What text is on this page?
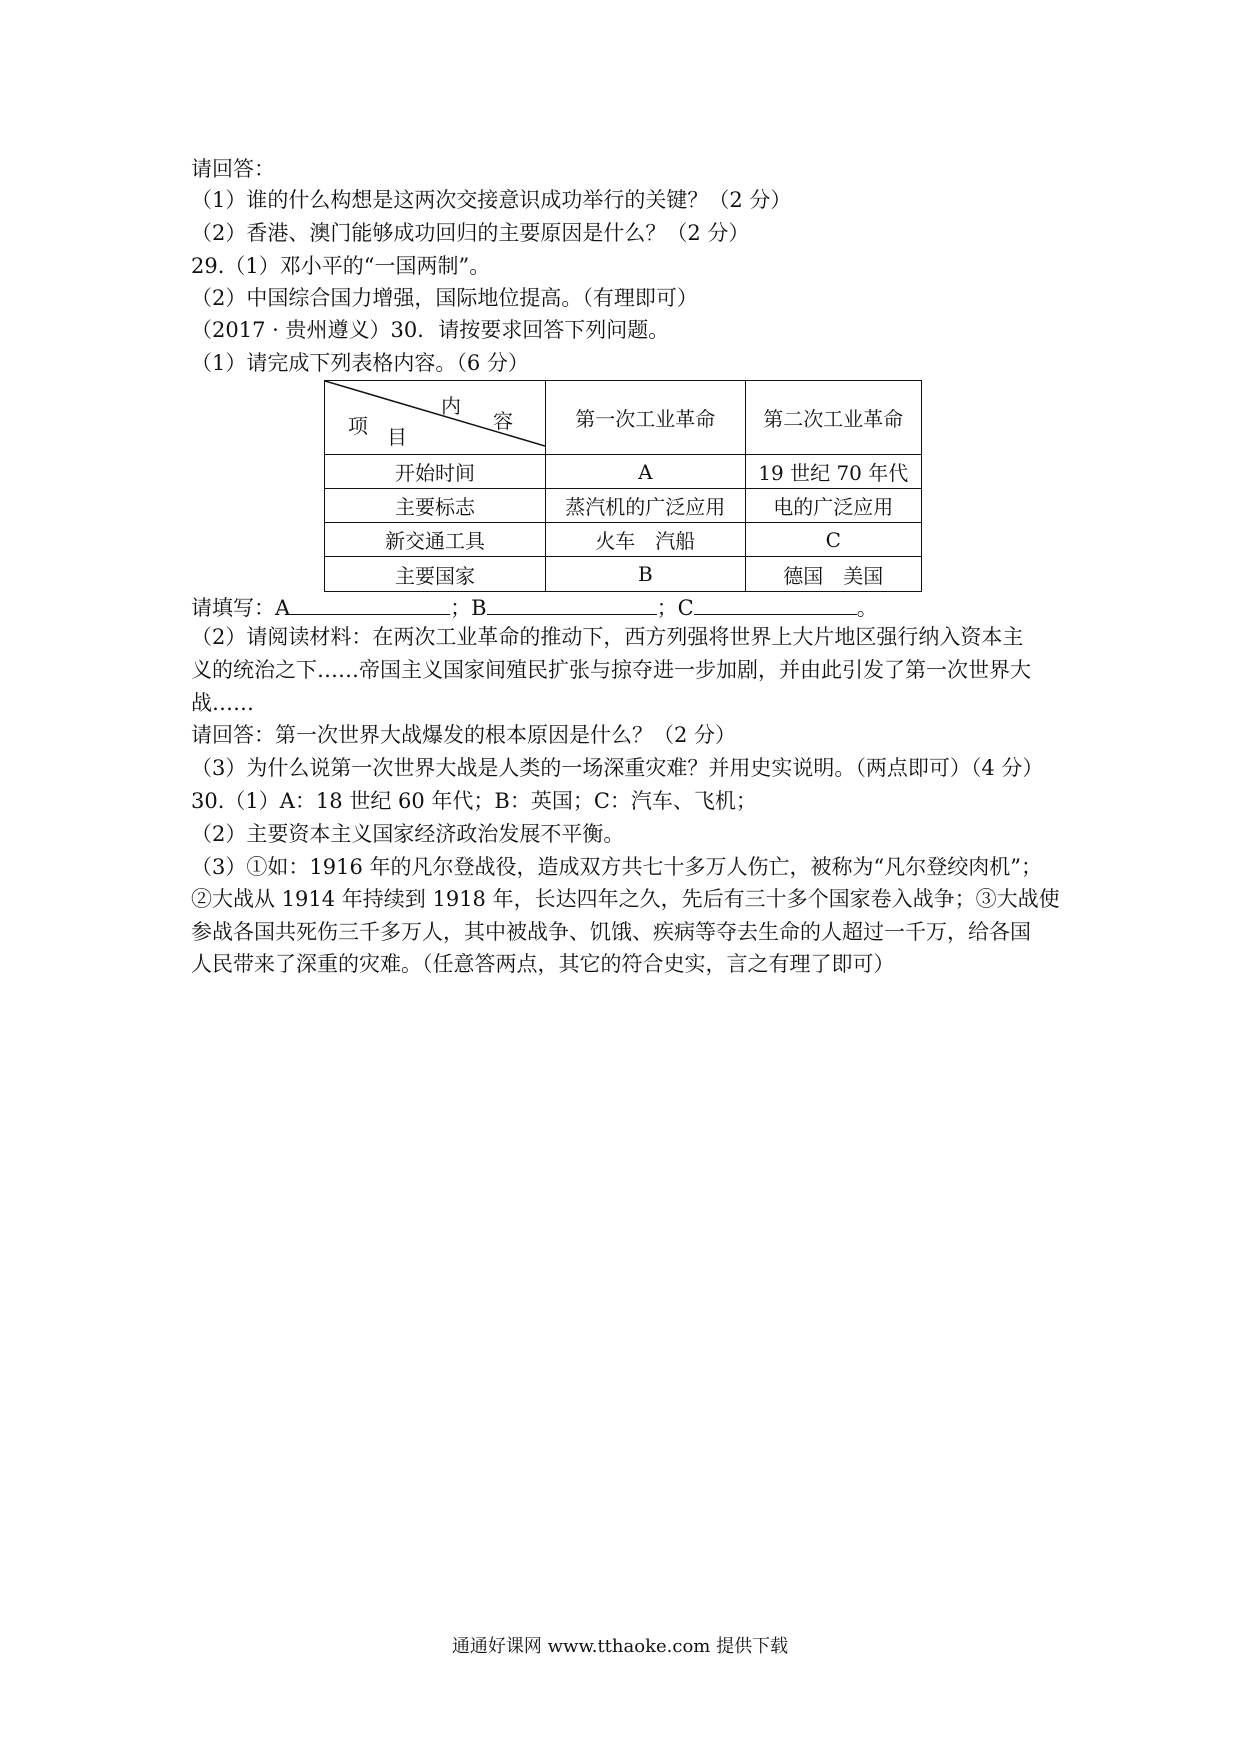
请回答：
（1）谁的什么构想是这两次交接意识成功举行的关键？（2 分）
（2）香港、澳门能够成功回归的主要原因是什么？（2 分）
29.（1）邓小平的“一国两制”。
（2）中国综合国力增强，国际地位提高。（有理即可）
（2017 · 贵州遵义）30．请按要求回答下列问题。
（1）请完成下列表格内容。（6 分）
内
容
项 目	第一次工业革命	第二次工业革命
开始时间	A	19 世纪 70 年代
主要标志	蒸汽机的广泛应用	电的广泛应用
新交通工具	火车　汽船	C
主要国家	B	德国　美国
请填写：A	；B	；C	。
（2）请阅读材料：在两次工业革命的推动下，西方列强将世界上大片地区强行纳入资本主
义的统治之下……帝国主义国家间殖民扩张与掠夺进一步加剧，并由此引发了第一次世界大
战……
请回答：第一次世界大战爆发的根本原因是什么？（2 分）
（3）为什么说第一次世界大战是人类的一场深重灾难？并用史实说明。（两点即可）（4 分）
30.（1）A：18 世纪 60 年代；B：英国；C：汽车、飞机；
（2）主要资本主义国家经济政治发展不平衡。
（3）①如：1916 年的凡尔登战役，造成双方共七十多万人伤亡，被称为“凡尔登绞肉机”；
②大战从 1914 年持续到 1918 年，长达四年之久，先后有三十多个国家卷入战争；③大战使
参战各国共死伤三千多万人，其中被战争、饥饿、疾病等夺去生命的人超过一千万，给各国
人民带来了深重的灾难。（任意答两点，其它的符合史实，言之有理了即可）
通通好课网 www.tthaoke.com 提供下载
